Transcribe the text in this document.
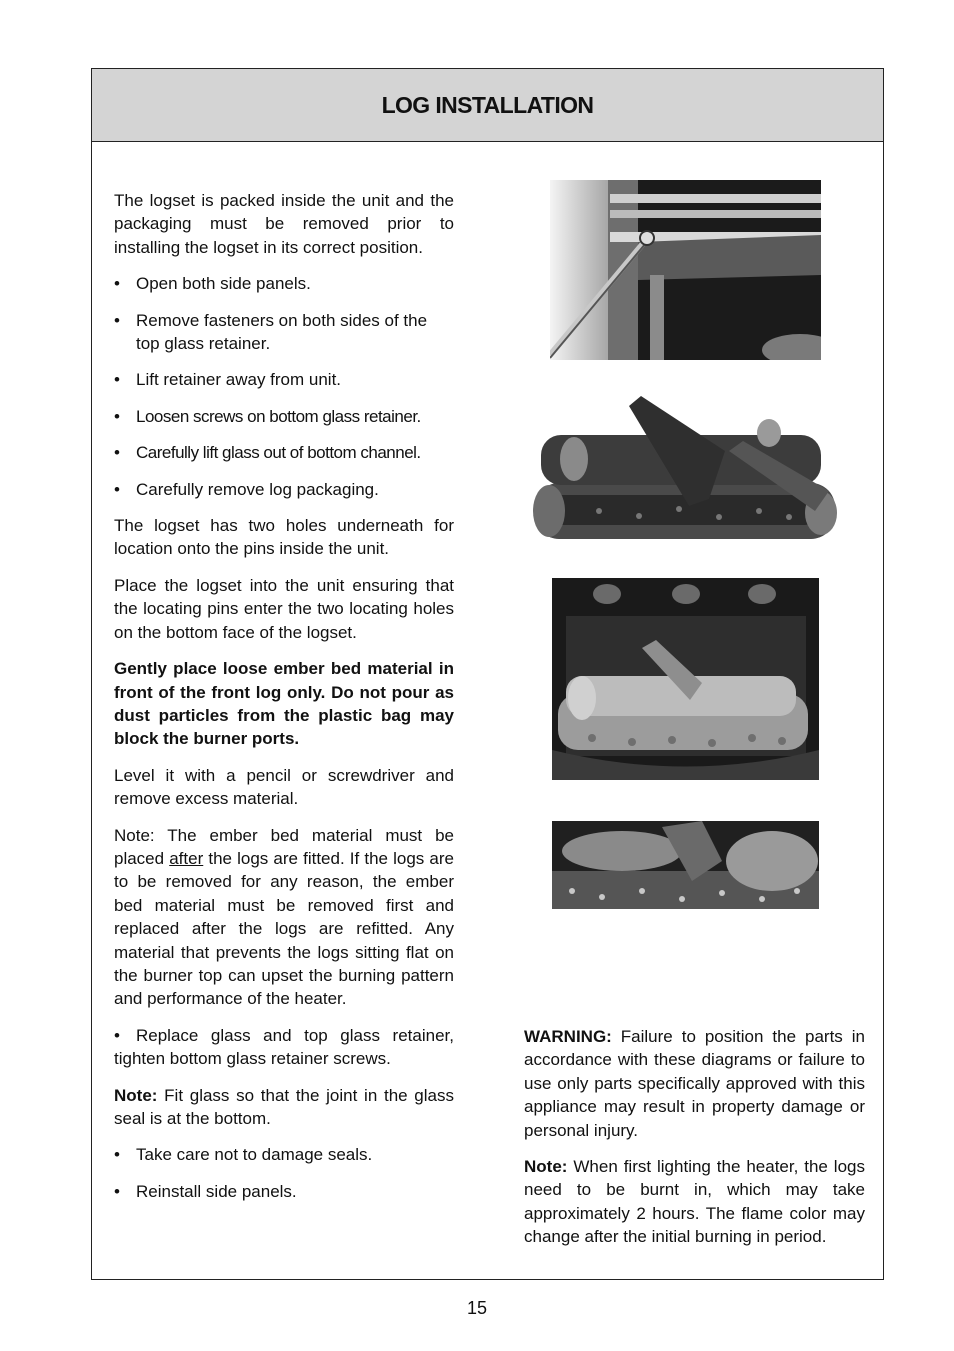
LOG INSTALLATION

The logset is packed inside the unit and the packaging must be removed prior to installing the logset in its correct position.

• Open both side panels.
• Remove fasteners on both sides of the top glass retainer.
• Lift retainer away from unit.
• Loosen screws on bottom glass retainer.
• Carefully lift glass out of bottom channel.
• Carefully remove log packaging.

The logset has two holes underneath for location onto the pins inside the unit.

Place the logset into the unit ensuring that the locating pins enter the two locating holes on the bottom face of the logset.

Gently place loose ember bed material in front of the front log only. Do not pour as dust particles from the plastic bag may block the burner ports.

Level it with a pencil or screwdriver and remove excess material.

Note: The ember bed material must be placed after the logs are fitted. If the logs are to be removed for any reason, the ember bed material must be removed first and replaced after the logs are refitted. Any material that prevents the logs sitting flat on the burner top can upset the burning pattern and performance of the heater.

• Replace glass and top glass retainer, tighten bottom glass retainer screws.

Note: Fit glass so that the joint in the glass seal is at the bottom.

• Take care not to damage seals.
• Reinstall side panels.

WARNING: Failure to position the parts in accordance with these diagrams or failure to use only parts specifically approved with this appliance may result in property damage or personal injury.

Note: When first lighting the heater, the logs need to be burnt in, which may take approximately 2 hours. The flame color may change after the initial burning in period.

15
